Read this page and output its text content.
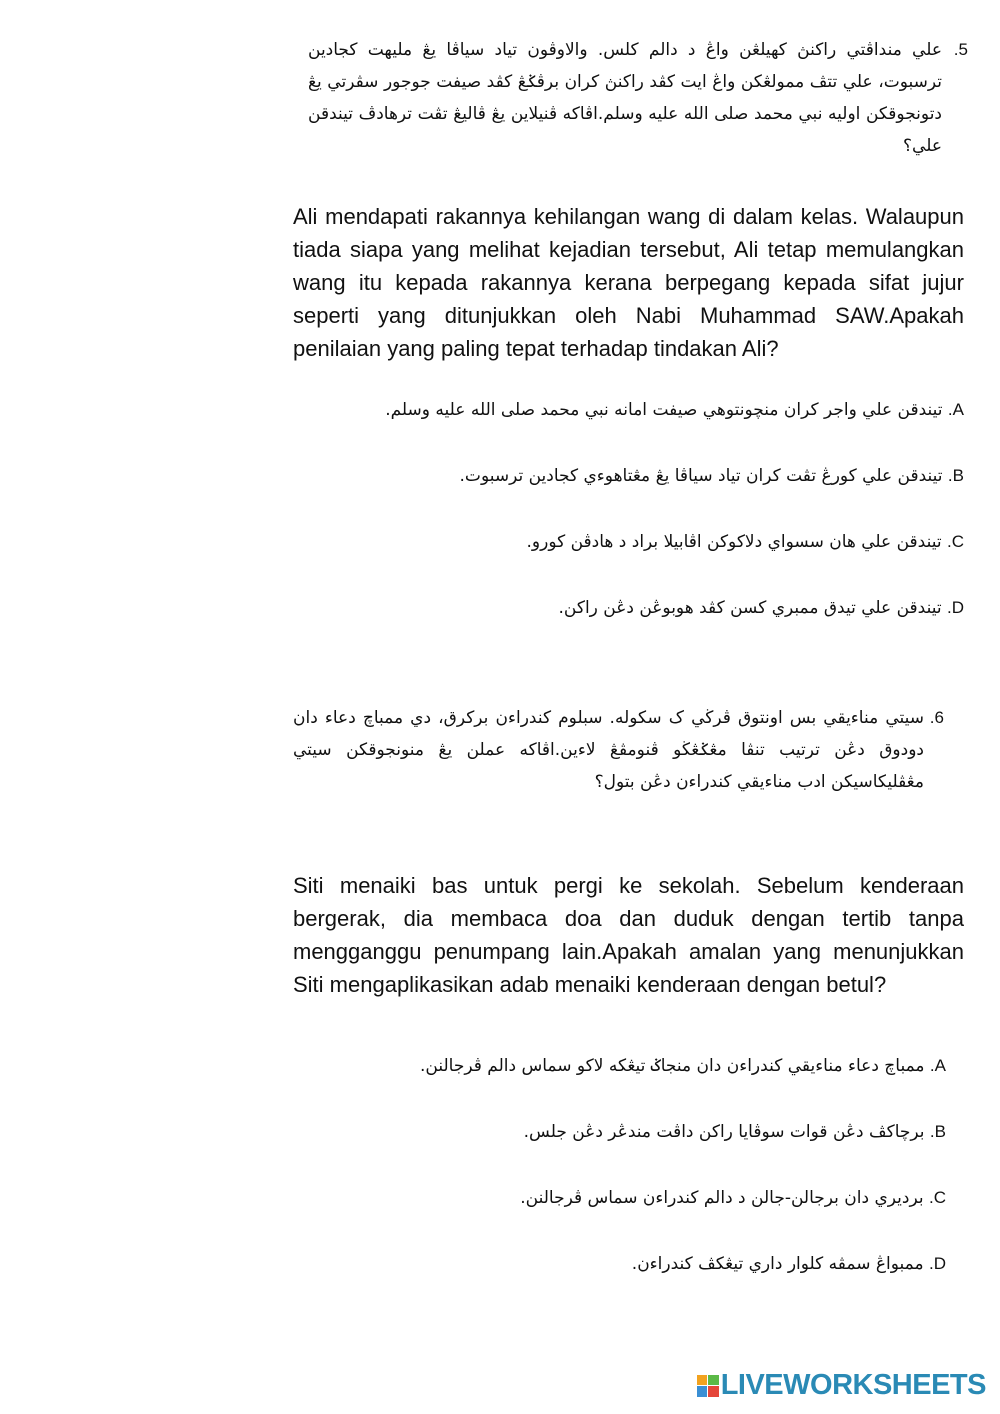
5.
علي منداڤتي راكنڽ كهيلڠن واڠ د دالم كلس. والاوڤون تياد سياڤا يڠ مليهت كجادين ترسبوت، علي تتڤ ممولڠكن واڠ ايت كڤد راكنڽ كران برڤݢڠ كڤد صيفت جوجور سڤرتي يڠ دتونجوقكن اوليه نبي محمد صلى الله عليه وسلم.اڤاكه ڤنيلاين يڠ ڤاليڠ تڤت ترهادڤ تيندقن علي؟
Ali mendapati rakannya kehilangan wang di dalam kelas. Walaupun tiada siapa yang melihat kejadian tersebut, Ali tetap memulangkan wang itu kepada rakannya kerana berpegang kepada sifat jujur seperti yang ditunjukkan oleh Nabi Muhammad SAW.Apakah penilaian yang paling tepat terhadap tindakan Ali?
A. تيندقن علي واجر كران منچونتوهي صيفت امانه نبي محمد صلى الله عليه وسلم.
B. تيندقن علي كورڠ تڤت كران تياد سياڤا يڠ مڠتاهوءي كجادين ترسبوت.
C. تيندقن علي هان سسواي دلاكوكن اڤابيلا براد د هادڤن كورو.
D. تيندقن علي تيدق ممبري كسن كڤد هوبوڠن دڠن راكن.
6.
سيتي مناءيقي بس اونتوق ڤرڬي ک سكوله. سبلوم كندراءن بركرق، دي ممباچ دعاء دان دودوق دڠن ترتيب تنڤا مڠݢڠڬو ڤنومڤڠ لاءين.اڤاكه عملن يڠ منونجوقكن سيتي مڠڤليكاسيكن ادب مناءيقي كندراءن دڠن بتول؟
Siti menaiki bas untuk pergi ke sekolah. Sebelum kenderaan bergerak, dia membaca doa dan duduk dengan tertib tanpa mengganggu penumpang lain.Apakah amalan yang menunjukkan Siti mengaplikasikan adab menaiki kenderaan dengan betul?
A. ممباچ دعاء مناءيقي كندراءن دان منجاݢ تيڠكه لاكو سماس دالم ڤرجالنن.
B. برچاكڤ دڠن قوات سوڤايا راكن داڤت مندڠر دڠن جلس.
C. برديري دان برجالن-جالن د دالم كندراءن سماس ڤرجالنن.
D. ممبواڠ سمڤه كلوار داري تيڠكڤ كندراءن.
LIVEWORKSHEETS
